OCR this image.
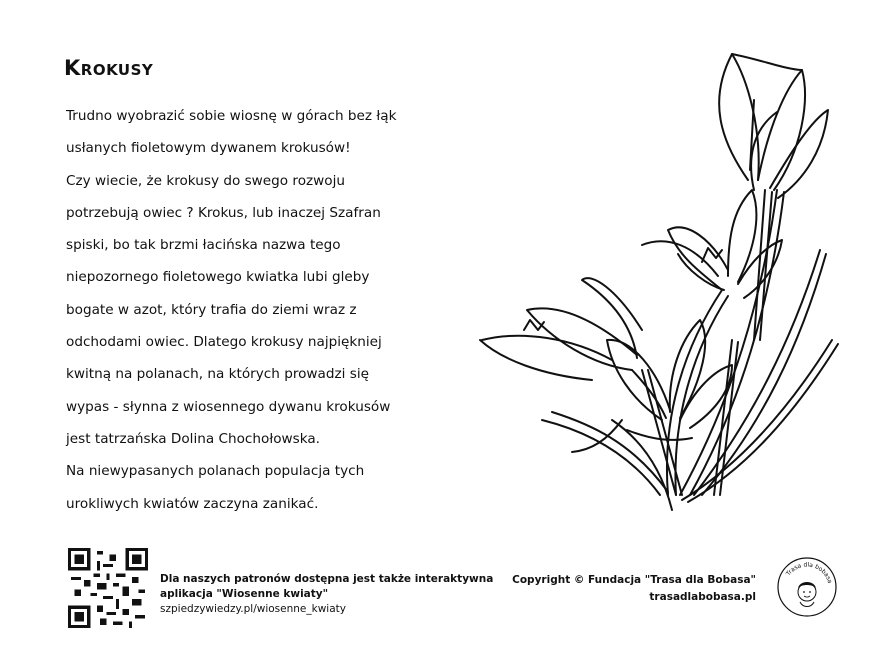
Krokusy
Trudno wyobrazić sobie wiosnę w górach bez łąk
usłanych fioletowym dywanem krokusów!
Czy wiecie, że krokusy do swego rozwoju
potrzebują owiec ? Krokus, lub inaczej Szafran
spiski, bo tak brzmi łacińska nazwa tego
niepozornego fioletowego kwiatka lubi gleby
bogate w azot, który trafia do ziemi wraz z
odchodami owiec. Dlatego krokusy najpiękniej
kwitną na polanach, na których prowadzi się
wypas - słynna z wiosennego dywanu krokusów
jest tatrzańska Dolina Chochołowska.
Na niewypasanych polanach populacja tych
urokliwych kwiatów zaczyna zanikać.
Dla naszych patronów dostępna jest także interaktywna
aplikacja "Wiosenne kwiaty"
szpiedzywiedzy.pl/wiosenne_kwiaty
Copyright © Fundacja "Trasa dla Bobasa"
trasadlabobasa.pl
Trasa dla bobasa
